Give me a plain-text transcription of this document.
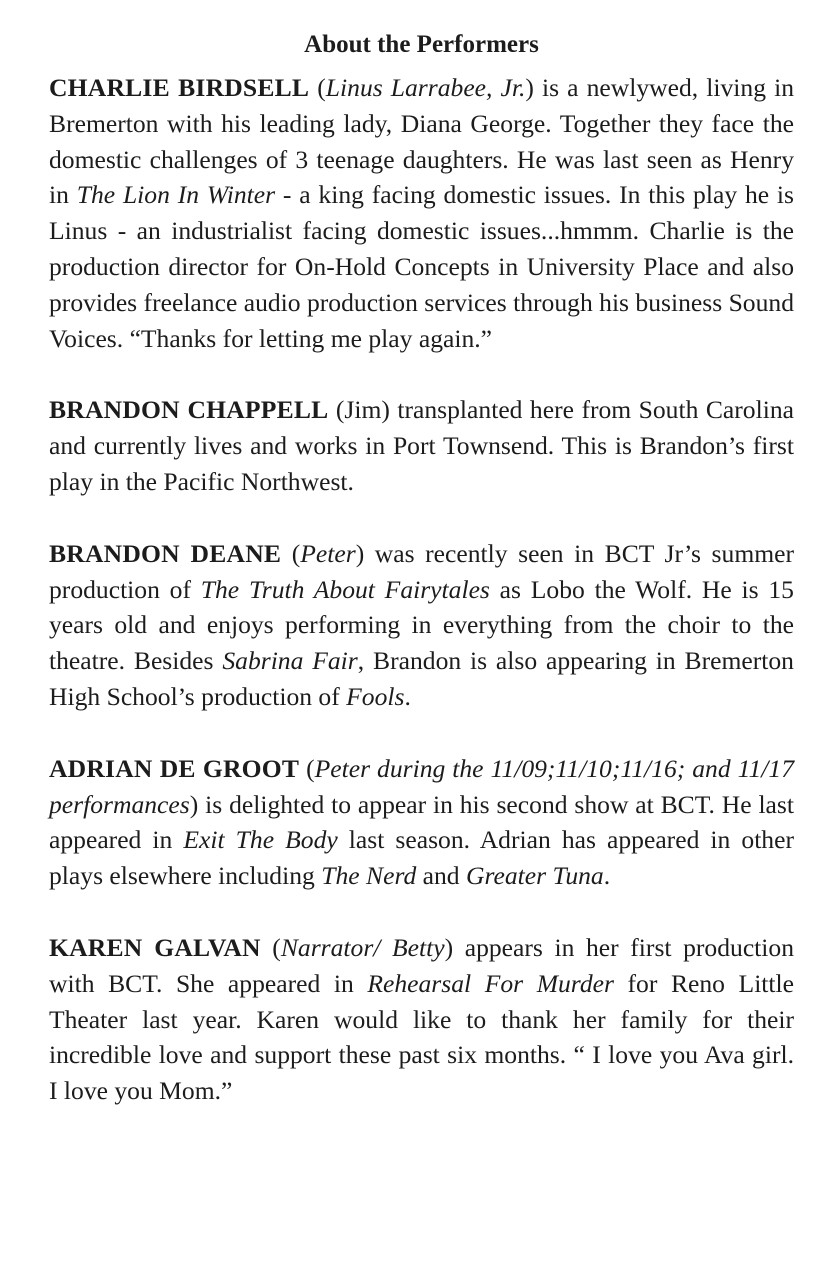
About the Performers

CHARLIE BIRDSELL (Linus Larrabee, Jr.) is a newlywed, living in Bremerton with his leading lady, Diana George. Together they face the domestic challenges of 3 teenage daughters. He was last seen as Henry in The Lion In Winter - a king facing domestic issues. In this play he is Linus - an industrialist facing domestic issues...hmmm. Charlie is the production director for On-Hold Concepts in University Place and also provides freelance audio production services through his business Sound Voices. “Thanks for letting me play again.”

BRANDON CHAPPELL (Jim) transplanted here from South Carolina and currently lives and works in Port Townsend. This is Brandon’s first play in the Pacific Northwest.

BRANDON DEANE (Peter) was recently seen in BCT Jr’s summer production of The Truth About Fairytales as Lobo the Wolf. He is 15 years old and enjoys performing in everything from the choir to the theatre. Besides Sabrina Fair, Brandon is also appearing in Bremerton High School’s production of Fools.

ADRIAN DE GROOT (Peter during the 11/09;11/10;11/16; and 11/17 performances) is delighted to appear in his second show at BCT. He last appeared in Exit The Body last season. Adrian has appeared in other plays elsewhere including The Nerd and Greater Tuna.

KAREN GALVAN (Narrator/ Betty) appears in her first production with BCT. She appeared in Rehearsal For Murder for Reno Little Theater last year. Karen would like to thank her family for their incredible love and support these past six months. “ I love you Ava girl. I love you Mom.”
